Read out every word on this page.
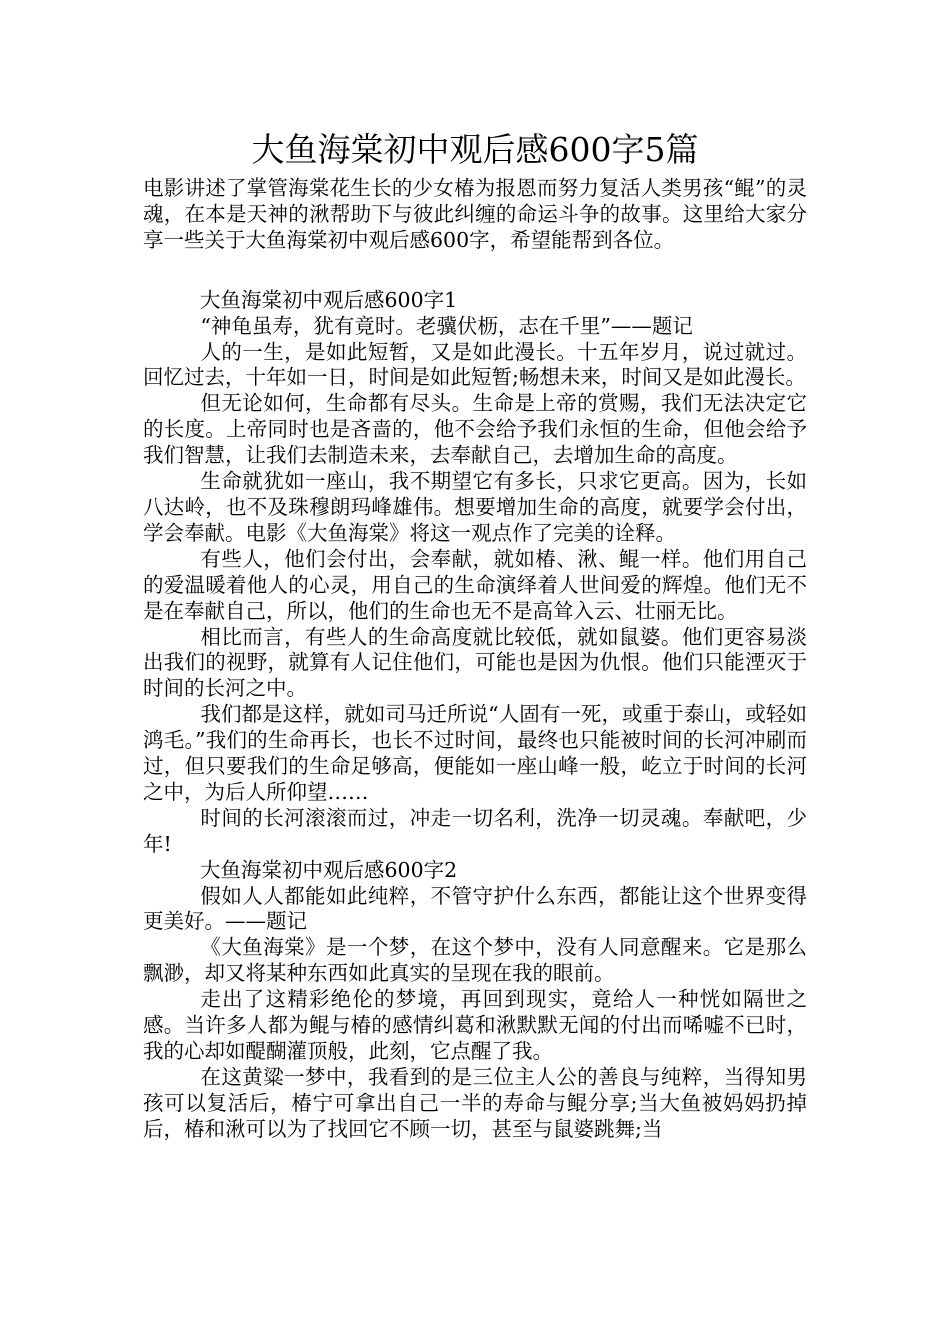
大鱼海棠初中观后感600字5篇

电影讲述了掌管海棠花生长的少女椿为报恩而努力复活人类男孩“鲲”的灵魂，在本是天神的湫帮助下与彼此纠缠的命运斗争的故事。这里给大家分享一些关于大鱼海棠初中观后感600字，希望能帮到各位。

大鱼海棠初中观后感600字1

“神龟虽寿，犹有竟时。老骥伏枥，志在千里”——题记

人的一生，是如此短暂，又是如此漫长。十五年岁月，说过就过。回忆过去，十年如一日，时间是如此短暂;畅想未来，时间又是如此漫长。

但无论如何，生命都有尽头。生命是上帝的赏赐，我们无法决定它的长度。上帝同时也是吝啬的，他不会给予我们永恒的生命，但他会给予我们智慧，让我们去制造未来，去奉献自己，去增加生命的高度。

生命就犹如一座山，我不期望它有多长，只求它更高。因为，长如八达岭，也不及珠穆朗玛峰雄伟。想要增加生命的高度，就要学会付出，学会奉献。电影《大鱼海棠》将这一观点作了完美的诠释。

有些人，他们会付出，会奉献，就如椿、湫、鲲一样。他们用自己的爱温暖着他人的心灵，用自己的生命演绎着人世间爱的辉煌。他们无不是在奉献自己，所以，他们的生命也无不是高耸入云、壮丽无比。

相比而言，有些人的生命高度就比较低，就如鼠婆。他们更容易淡出我们的视野，就算有人记住他们，可能也是因为仇恨。他们只能湮灭于时间的长河之中。

我们都是这样，就如司马迁所说“人固有一死，或重于泰山，或轻如鸿毛。”我们的生命再长，也长不过时间，最终也只能被时间的长河冲刷而过，但只要我们的生命足够高，便能如一座山峰一般，屹立于时间的长河之中，为后人所仰望……

时间的长河滚滚而过，冲走一切名利，洗净一切灵魂。奉献吧，少年!

大鱼海棠初中观后感600字2

假如人人都能如此纯粹，不管守护什么东西，都能让这个世界变得更美好。——题记

《大鱼海棠》是一个梦，在这个梦中，没有人同意醒来。它是那么飘渺，却又将某种东西如此真实的呈现在我的眼前。

走出了这精彩绝伦的梦境，再回到现实，竟给人一种恍如隔世之感。当许多人都为鲲与椿的感情纠葛和湫默默无闻的付出而唏嘘不已时，我的心却如醍醐灌顶般，此刻，它点醒了我。

在这黄粱一梦中，我看到的是三位主人公的善良与纯粹，当得知男孩可以复活后，椿宁可拿出自己一半的寿命与鲲分享;当大鱼被妈妈扔掉后，椿和湫可以为了找回它不顾一切，甚至与鼠婆跳舞;当
